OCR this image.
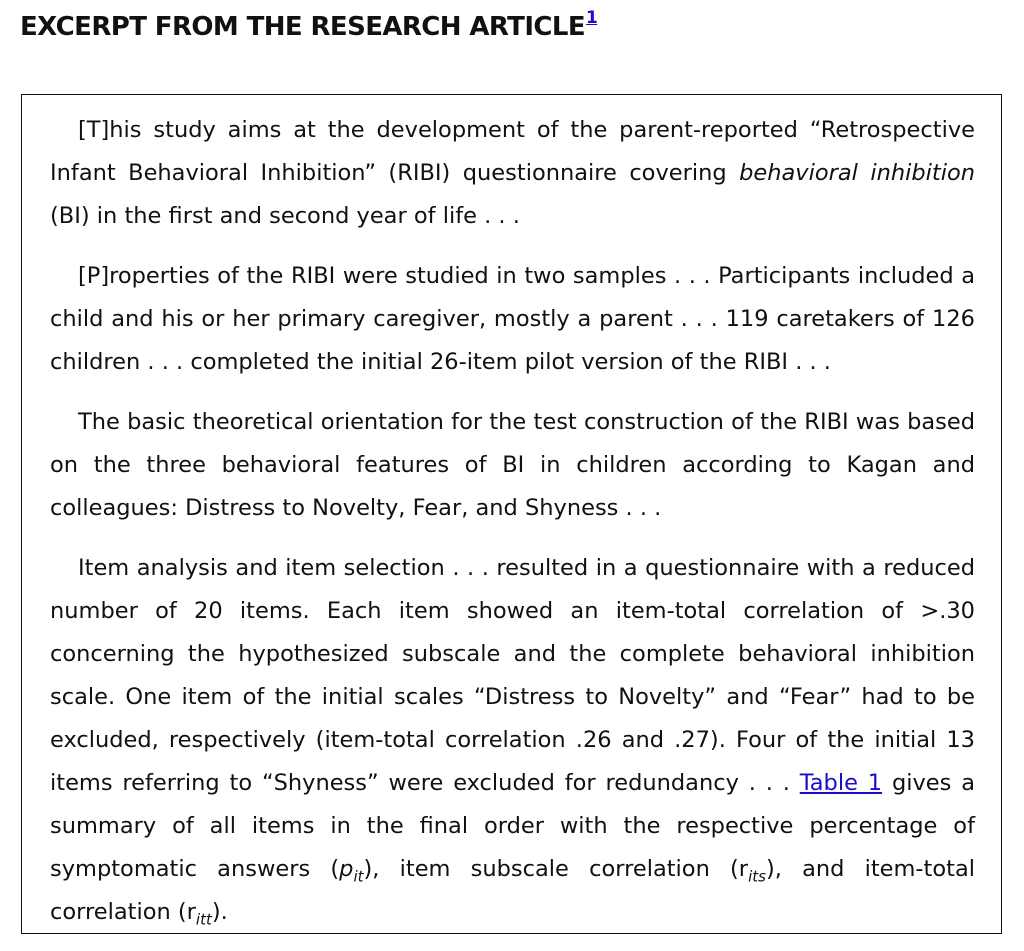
EXCERPT FROM THE RESEARCH ARTICLE$^1$

[T]his study aims at the development of the parent-reported “Retrospective Infant Behavioral Inhibition” (RIBI) questionnaire covering behavioral inhibition (BI) in the first and second year of life . . .

[P]roperties of the RIBI were studied in two samples . . . Participants included a child and his or her primary caregiver, mostly a parent . . . 119 caretakers of 126 children . . . completed the initial 26-item pilot version of the RIBI . . .

The basic theoretical orientation for the test construction of the RIBI was based on the three behavioral features of BI in children according to Kagan and colleagues: Distress to Novelty, Fear, and Shyness . . .

Item analysis and item selection . . . resulted in a questionnaire with a reduced number of 20 items. Each item showed an item-total correlation of >.30 concerning the hypothesized subscale and the complete behavioral inhibition scale. One item of the initial scales “Distress to Novelty” and “Fear” had to be excluded, respectively (item-total correlation .26 and .27). Four of the initial 13 items referring to “Shyness” were excluded for redundancy . . . Table 1 gives a summary of all items in the final order with the respective percentage of symptomatic answers $(p_{it})$, item subscale correlation $(r_{its})$, and item-total correlation $(r_{itt})$.
